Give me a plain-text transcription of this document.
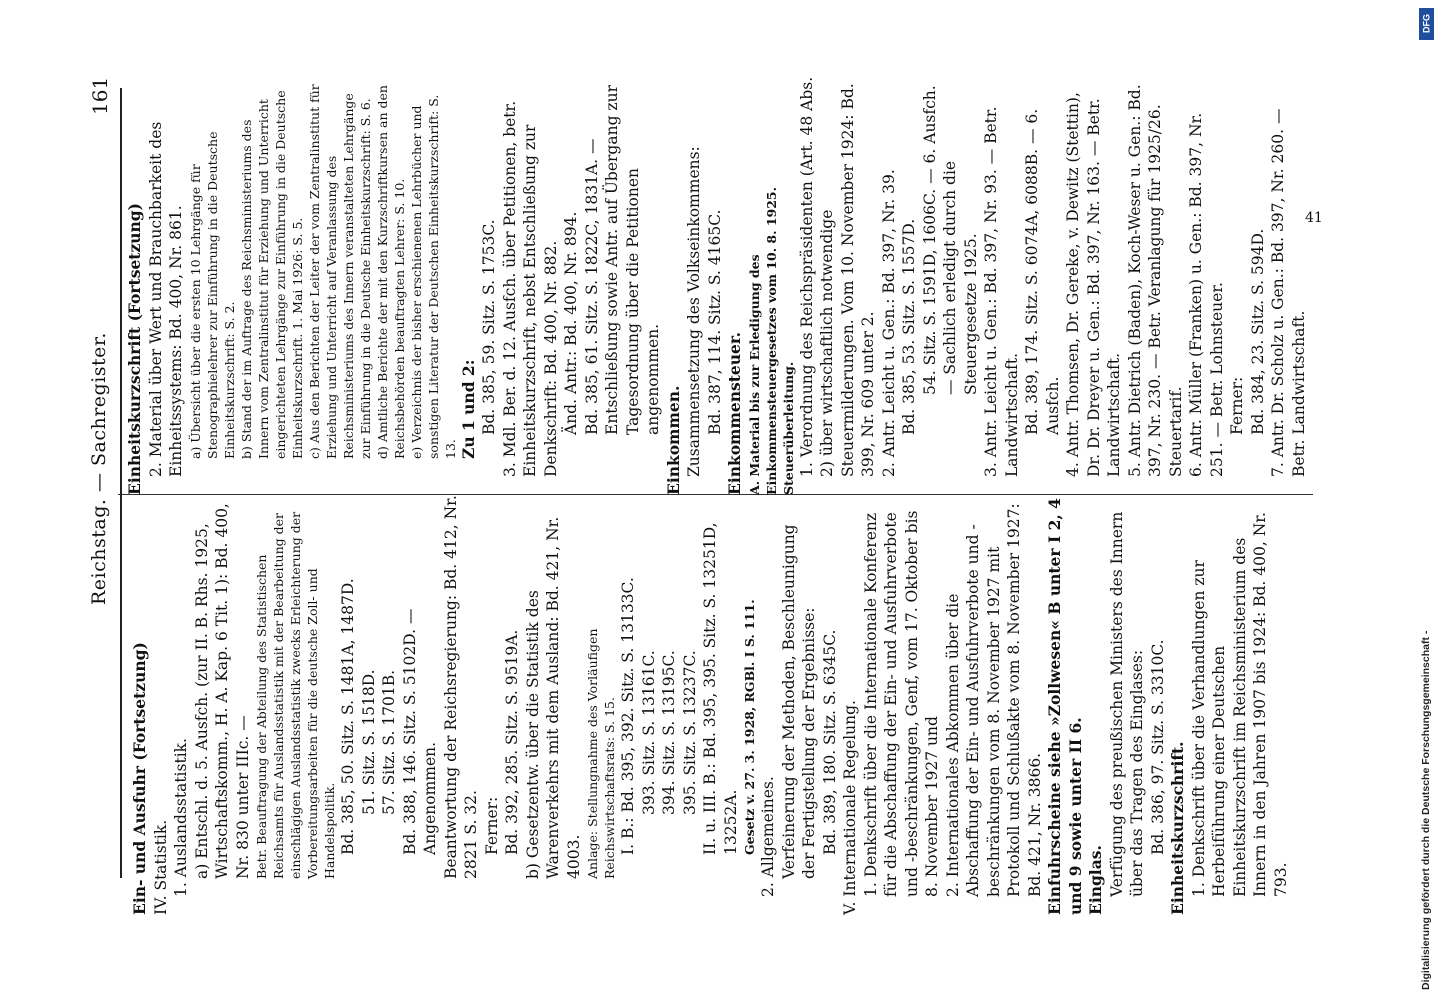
Reichstag. — Sachregister.
161

Ein- und Ausfuhr (Fortsetzung) IV. Statistik. 1. Auslandsstatistik. a) Entschl. d. 5. Ausfch. (zur II. B. Rhs. 1925, Wirtschaftskomm., H. A. Kap. 6 Tit. 1): Bd. 400, Nr. 830 unter IIIc. — Betr. Beauftragung der Abteilung des Statistischen Reichsamts für Auslandsstatistik mit der Bearbeitung der einschlägigen Auslandsstatistik zwecks Erleichterung der Vorbereitungsarbeiten für die deutsche Zoll- und Handelspolitik. Bd. 385, 50. Sitz. S. 1481A, 1487D. 51. Sitz. S. 1518D. 57. Sitz. S. 1701B. Bd. 388, 146. Sitz. S. 5102D. — Angenommen. Beantwortung der Reichsregierung: Bd. 412, Nr. 2821 S. 32. Ferner: Bd. 392, 285. Sitz. S. 9519A. b) Gesetzentw. über die Statistik des Warenverkehrs mit dem Ausland: Bd. 421, Nr. 4003. Anlage: Stellungnahme des Vorläufigen Reichswirtschaftsrats: S. 15. I. B.: Bd. 395, 392. Sitz. S. 13133C. 393. Sitz. S. 13161C. 394. Sitz. S. 13195C. 395. Sitz. S. 13237C. II. u. III. B.: Bd. 395, 395. Sitz. S. 13251D, 13252A. Gesetz v. 27. 3. 1928, RGBl. I S. 111. 2. Allgemeines. Verfeinerung der Methoden, Beschleunigung der Fertigstellung der Ergebnisse: Bd. 389, 180. Sitz. S. 6345C. V. Internationale Regelung. 1. Denkschrift über die Internationale Konferenz für die Abschaffung der Ein- und Ausfuhrverbote und -beschränkungen, Genf, vom 17. Oktober bis 8. November 1927 und 2. Internationales Abkommen über die Abschaffung der Ein- und Ausfuhrverbote und -beschränkungen vom 8. November 1927 mit Protokoll und Schlußakte vom 8. November 1927: Bd. 421, Nr. 3866. Einfuhrscheine siehe »Zollwesen« B unter I 2, 4 und 9 sowie unter II 6. Einglas. Verfügung des preußischen Ministers des Innern über das Tragen des Einglases: Bd. 386, 97. Sitz. S. 3310C. Einheitskurzschrift. 1. Denkschrift über die Verhandlungen zur Herbeiführung einer Deutschen Einheitskurzschrift im Reichsministerium des Innern in den Jahren 1907 bis 1924: Bd. 400, Nr. 793.

Einheitskurzschrift (Fortsetzung) 2. Material über Wert und Brauchbarkeit des Einheitssystems: Bd. 400, Nr. 861. a) Übersicht über die ersten 10 Lehrgänge für Stenographielehrer zur Einführung in die Deutsche Einheitskurzschrift: S. 2. b) Stand der im Auftrage des Reichsministeriums des Innern vom Zentralinstitut für Erziehung und Unterricht eingerichteten Lehrgänge zur Einführung in die Deutsche Einheitskurzschrift. 1. Mai 1926: S. 5. c) Aus den Berichten der Leiter der vom Zentralinstitut für Erziehung und Unterricht auf Veranlassung des Reichsministeriums des Innern veranstalteten Lehrgänge zur Einführung in die Deutsche Einheitskurzschrift: S. 6. d) Amtliche Berichte der mit den Kurzschriftkursen an den Reichsbehörden beauftragten Lehrer: S. 10. e) Verzeichnis der bisher erschienenen Lehrbücher und sonstigen Literatur der Deutschen Einheitskurzschrift: S. 13. Zu 1 und 2: Bd. 385, 59. Sitz. S. 1753C. 3. Mdl. Ber. d. 12. Ausfch. über Petitionen, betr. Einheitskurzschrift, nebst Entschließung zur Denkschrift: Bd. 400, Nr. 882. Änd. Antr.: Bd. 400, Nr. 894. Bd. 385, 61. Sitz. S. 1822C, 1831A. — Entschließung sowie Antr. auf Übergang zur Tagesordnung über die Petitionen angenommen.

Einkommen. Zusammensetzung des Volkseinkommens: Bd. 387, 114. Sitz. S. 4165C. Einkommensteuer. A. Material bis zur Erledigung des Einkommensteuergesetzes vom 10. 8. 1925. Steuerüberleitung. 1. Verordnung des Reichspräsidenten (Art. 48 Abs. 2) über wirtschaftlich notwendige Steuermilderungen. Vom 10. November 1924: Bd. 399, Nr. 609 unter 2. 2. Antr. Leicht u. Gen.: Bd. 397, Nr. 39. Bd. 385, 53. Sitz. S. 1557D. 54. Sitz. S. 1591D, 1606C. — 6. Ausfch. — Sachlich erledigt durch die Steuergesetze 1925. 3. Antr. Leicht u. Gen.: Bd. 397, Nr. 93. — Betr. Landwirtschaft. Bd. 389, 174. Sitz. S. 6074A, 6088B. — 6. Ausfch. 4. Antr. Thomsen, Dr. Gereke, v. Dewitz (Stettin), Dr. Dr. Dreyer u. Gen.: Bd. 397, Nr. 163. — Betr. Landwirtschaft. 5. Antr. Dietrich (Baden), Koch-Weser u. Gen.: Bd. 397, Nr. 230. — Betr. Veranlagung für 1925/26. Steuertarif. 6. Antr. Müller (Franken) u. Gen.: Bd. 397, Nr. 251. — Betr. Lohnsteuer. Ferner: Bd. 384, 23. Sitz. S. 594D. 7. Antr. Dr. Scholz u. Gen.: Bd. 397, Nr. 260. — Betr. Landwirtschaft.

41
Digitalisierung gefördert durch die Deutsche Forschungsgemeinschaft -
DFG
